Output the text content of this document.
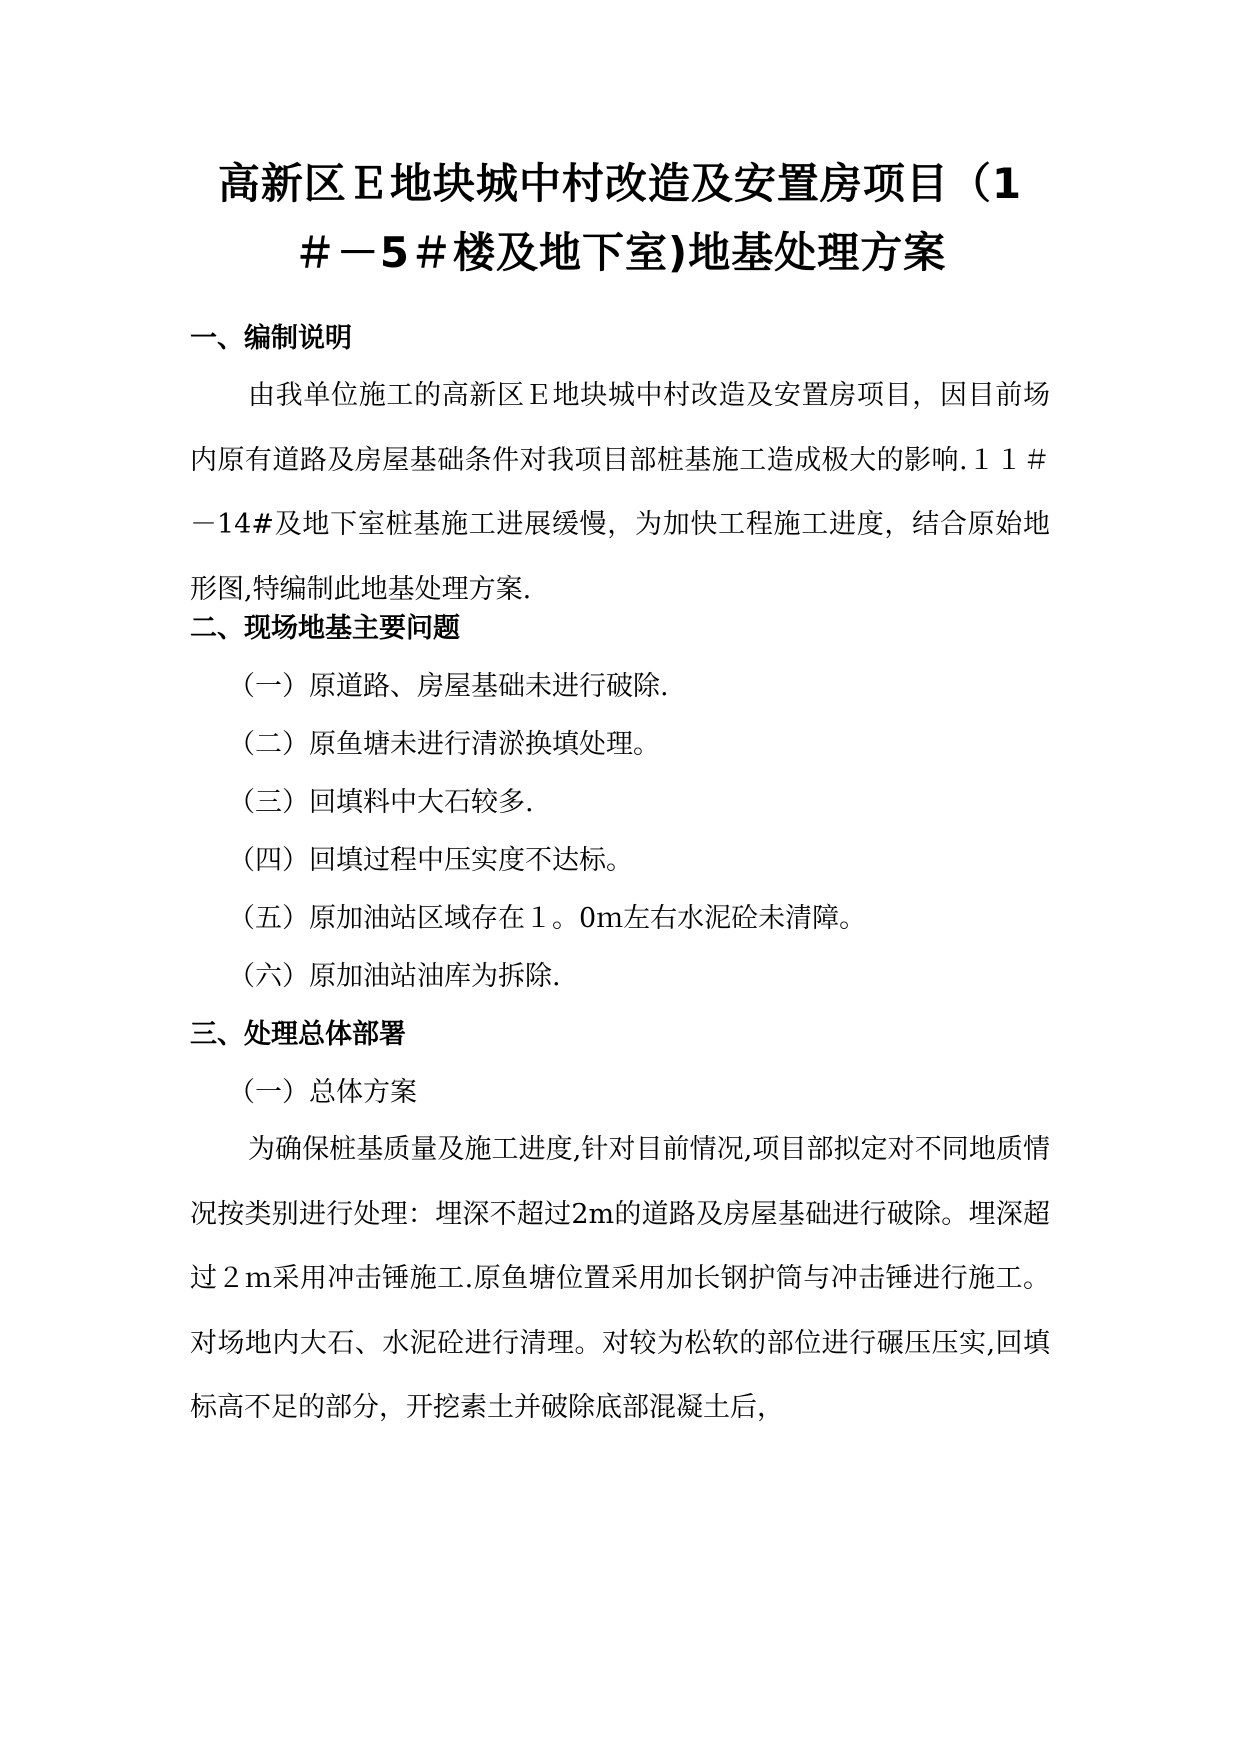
高新区Ｅ地块城中村改造及安置房项目（1
＃－5＃楼及地下室)地基处理方案
一、编制说明
由我单位施工的高新区Ｅ地块城中村改造及安置房项目，因目前场内原有道路及房屋基础条件对我项目部桩基施工造成极大的影响.１１＃－14#及地下室桩基施工进展缓慢，为加快工程施工进度，结合原始地形图,特编制此地基处理方案.
二、现场地基主要问题
（一）原道路、房屋基础未进行破除.
（二）原鱼塘未进行清淤换填处理。
（三）回填料中大石较多.
（四）回填过程中压实度不达标。
（五）原加油站区域存在１。0ｍ左右水泥砼未清障。
（六）原加油站油库为拆除.
三、处理总体部署
（一）总体方案
为确保桩基质量及施工进度,针对目前情况,项目部拟定对不同地质情况按类别进行处理：埋深不超过2m的道路及房屋基础进行破除。埋深超过２ｍ采用冲击锤施工.原鱼塘位置采用加长钢护筒与冲击锤进行施工。对场地内大石、水泥砼进行清理。对较为松软的部位进行碾压压实,回填标高不足的部分，开挖素土并破除底部混凝土后，
